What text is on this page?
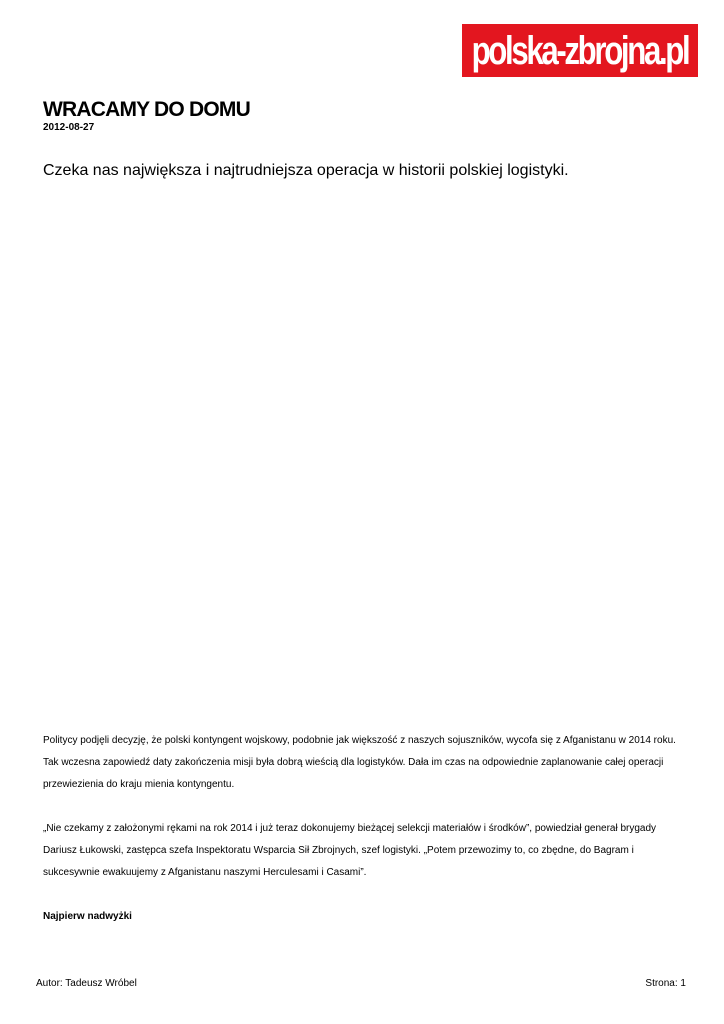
polska-zbrojna.pl
WRACAMY DO DOMU
2012-08-27

Czeka nas największa i najtrudniejsza operacja w historii polskiej logistyki.

Politycy podjęli decyzję, że polski kontyngent wojskowy, podobnie jak większość z naszych sojuszników, wycofa się z Afganistanu w 2014 roku. Tak wczesna zapowiedź daty zakończenia misji była dobrą wieścią dla logistyków. Dała im czas na odpowiednie zaplanowanie całej operacji przewiezienia do kraju mienia kontyngentu.

„Nie czekamy z założonymi rękami na rok 2014 i już teraz dokonujemy bieżącej selekcji materiałów i środków”, powiedział generał brygady Dariusz Łukowski, zastępca szefa Inspektoratu Wsparcia Sił Zbrojnych, szef logistyki. „Potem przewozimy to, co zbędne, do Bagram i sukcesywnie ewakuujemy z Afganistanu naszymi Herculesami i Casami”.

Najpierw nadwyżki
Autor: Tadeusz Wróbel	Strona: 1
